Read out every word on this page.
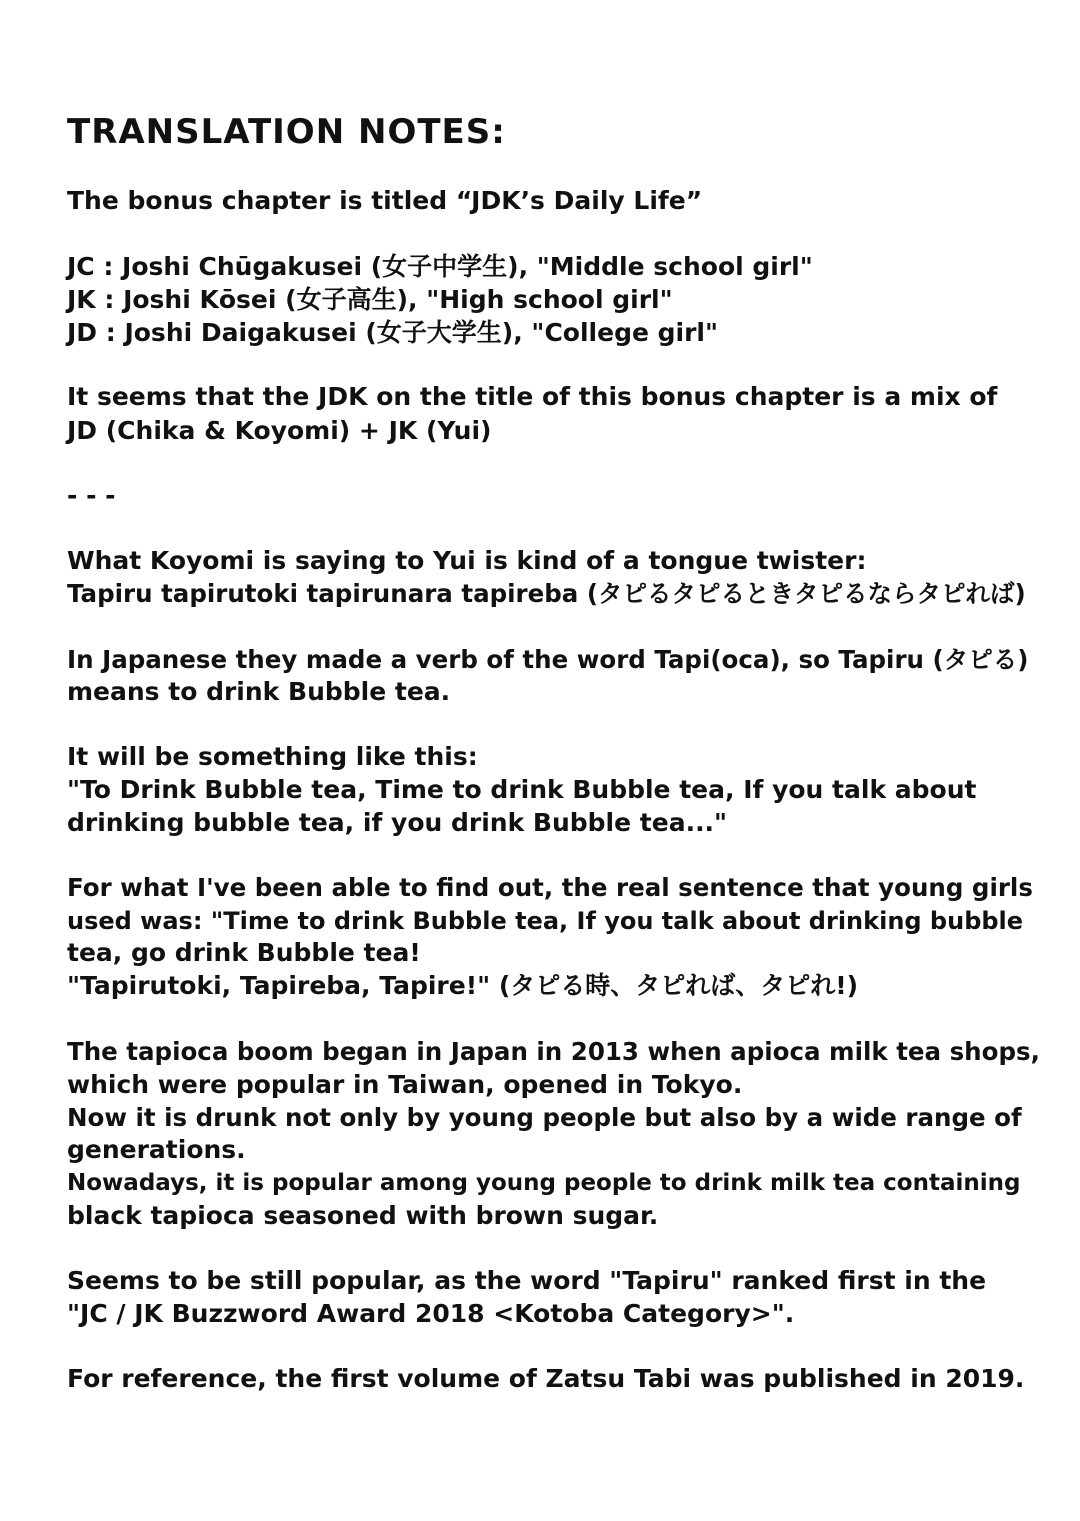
TRANSLATION NOTES:
The bonus chapter is titled “JDK’s Daily Life”
JC : Joshi Chūgakusei (女子中学生), "Middle school girl"
JK : Joshi Kōsei (女子高生), "High school girl"
JD : Joshi Daigakusei (女子大学生), "College girl"
It seems that the JDK on the title of this bonus chapter is a mix of
JD (Chika & Koyomi) + JK (Yui)
- - -
What Koyomi is saying to Yui is kind of a tongue twister:
Tapiru tapirutoki tapirunara tapireba (タピるタピるときタピるならタピれば)
In Japanese they made a verb of the word Tapi(oca), so Tapiru (タピる)
means to drink Bubble tea.
It will be something like this:
"To Drink Bubble tea, Time to drink Bubble tea, If you talk about
drinking bubble tea, if you drink Bubble tea..."
For what I've been able to find out, the real sentence that young girls
used was: "Time to drink Bubble tea, If you talk about drinking bubble
tea, go drink Bubble tea!
"Tapirutoki, Tapireba, Tapire!" (タピる時、タピれば、タピれ!)
The tapioca boom began in Japan in 2013 when apioca milk tea shops,
which were popular in Taiwan, opened in Tokyo.
Now it is drunk not only by young people but also by a wide range of
generations.
Nowadays, it is popular among young people to drink milk tea containing
black tapioca seasoned with brown sugar.
Seems to be still popular, as the word "Tapiru" ranked first in the
"JC / JK Buzzword Award 2018 <Kotoba Category>".
For reference, the first volume of Zatsu Tabi was published in 2019.
